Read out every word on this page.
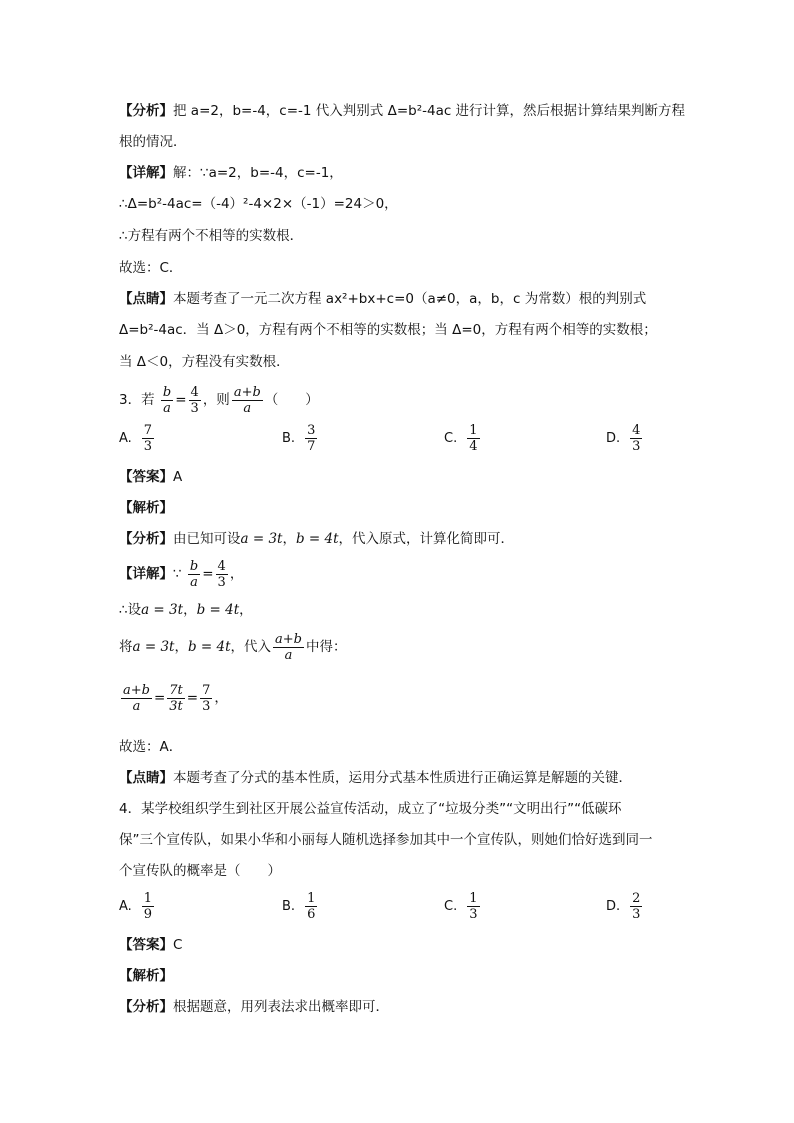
【分析】把 a=2，b=-4，c=-1 代入判别式 Δ=b²-4ac 进行计算，然后根据计算结果判断方程
根的情况．
【详解】解：∵a=2，b=-4，c=-1，
∴Δ=b²-4ac=（-4）²-4×2×（-1）=24＞0，
∴方程有两个不相等的实数根．
故选：C．
【点睛】本题考查了一元二次方程 ax²+bx+c=0（a≠0，a，b，c 为常数）根的判别式
Δ=b²-4ac．当 Δ＞0，方程有两个不相等的实数根；当 Δ=0，方程有两个相等的实数根；
当 Δ＜0，方程没有实数根．
3．若 $\frac{b}{a} = \frac{4}{3}$ ，则 $\frac{a+b}{a}$ （　　）
A. $\frac{7}{3}$	B. $\frac{3}{7}$	C. $\frac{1}{4}$	D. $\frac{4}{3}$
【答案】A
【解析】
【分析】由已知可设a = 3t，b = 4t，代入原式，计算化简即可．
【详解】∵ $\frac{b}{a} = \frac{4}{3}$ ，
∴设a = 3t，b = 4t，
将a = 3t，b = 4t，代入 $\frac{a+b}{a}$ 中得：
$\frac{a+b}{a} = \frac{7t}{3t} = \frac{7}{3}$ ，
故选：A．
【点睛】本题考查了分式的基本性质，运用分式基本性质进行正确运算是解题的关键．
4．某学校组织学生到社区开展公益宣传活动，成立了“垃圾分类”“文明出行”“低碳环
保”三个宣传队，如果小华和小丽每人随机选择参加其中一个宣传队，则她们恰好选到同一
个宣传队的概率是（　　）
A. $\frac{1}{9}$	B. $\frac{1}{6}$	C. $\frac{1}{3}$	D. $\frac{2}{3}$
【答案】C
【解析】
【分析】根据题意，用列表法求出概率即可．
